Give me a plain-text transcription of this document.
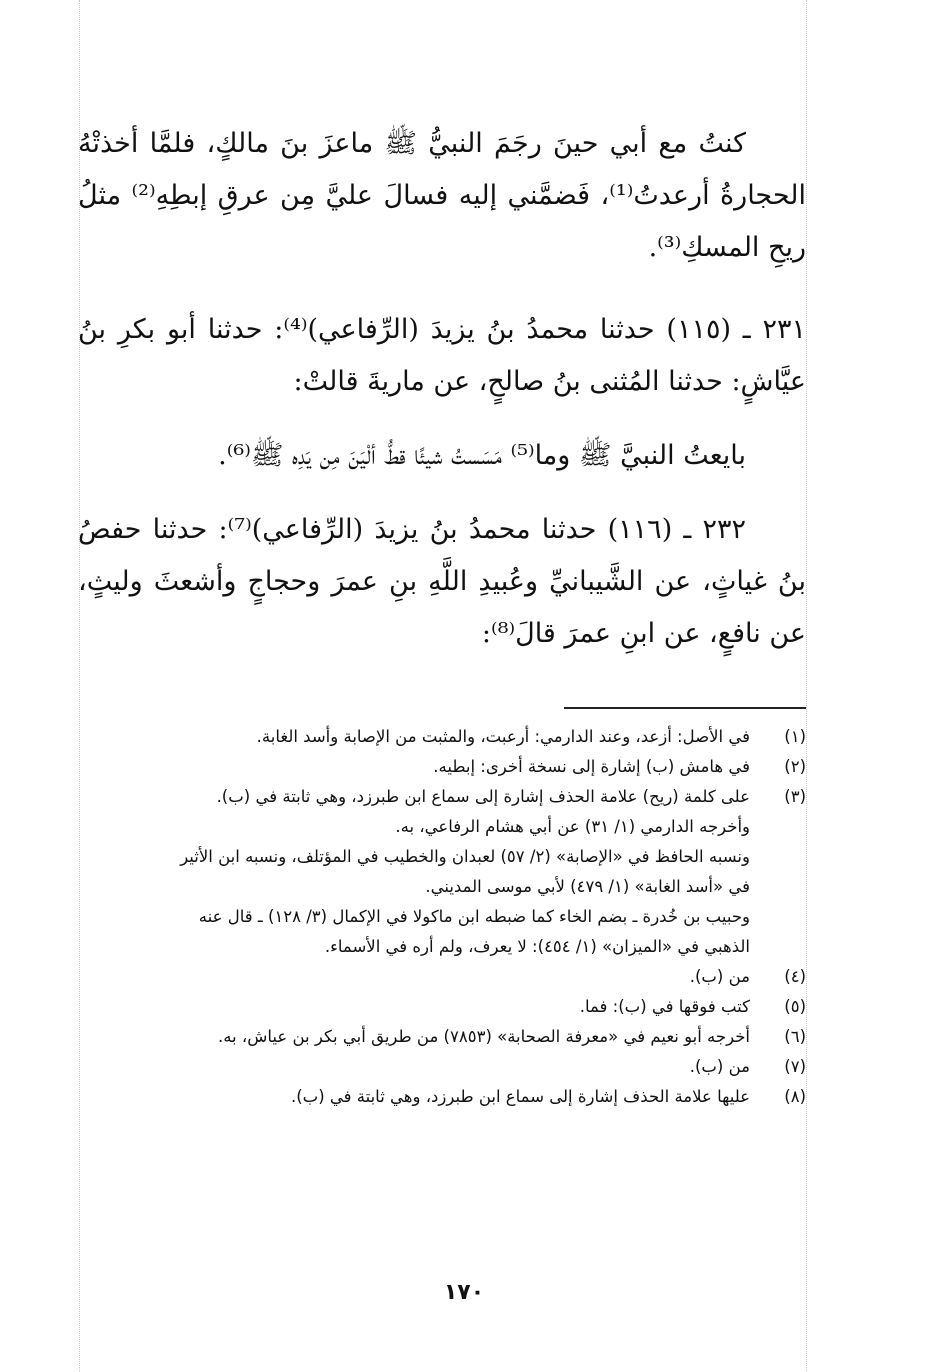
كنتُ مع أبي حينَ رجَمَ النبيُّ ﷺ ماعزَ بنَ مالكٍ، فلمَّا أخذتْهُ الحجارةُ أرعدتُ⁽¹⁾، فَضمَّني إليه فسالَ عليَّ مِن عرقِ إبطِهِ⁽²⁾ مثلُ ريحِ المسكِ⁽³⁾.

٢٣١ ـ (١١٥) حدثنا محمدُ بنُ يزيدَ (الرِّفاعي)⁽⁴⁾: حدثنا أبو بكرِ بنُ عيَّاشٍ: حدثنا المُثنى بنُ صالحٍ، عن ماريةَ قالتْ:

بايعتُ النبيَّ ﷺ وما⁽⁵⁾ مَسَستُ شيئًا قطُّ ألْيَنَ مِن يَدِه ﷺ⁽⁶⁾.

٢٣٢ ـ (١١٦) حدثنا محمدُ بنُ يزيدَ (الرِّفاعي)⁽⁷⁾: حدثنا حفصُ بنُ غياثٍ، عن الشَّيبانيِّ وعُبيدِ اللَّهِ بنِ عمرَ وحجاجٍ وأشعثَ وليثٍ، عن نافعٍ، عن ابنِ عمرَ قالَ⁽⁸⁾:

(١)
في الأصل: أزعد، وعند الدارمي: أرعبت، والمثبت من الإصابة وأسد الغابة.
(٢)
في هامش (ب) إشارة إلى نسخة أخرى: إبطيه.
(٣)
على كلمة (ريح) علامة الحذف إشارة إلى سماع ابن طبرزد، وهي ثابتة في (ب).
وأخرجه الدارمي (١/ ٣١) عن أبي هشام الرفاعي، به.
ونسبه الحافظ في «الإصابة» (٢/ ٥٧) لعبدان والخطيب في المؤتلف، ونسبه ابن الأثير
في «أسد الغابة» (١/ ٤٧٩) لأبي موسى المديني.
وحبيب بن خُدرة ـ بضم الخاء كما ضبطه ابن ماكولا في الإكمال (٣/ ١٢٨) ـ قال عنه
الذهبي في «الميزان» (١/ ٤٥٤): لا يعرف، ولم أره في الأسماء.
(٤)
من (ب).
(٥)
كتب فوقها في (ب): فما.
(٦)
أخرجه أبو نعيم في «معرفة الصحابة» (٧٨٥٣) من طريق أبي بكر بن عياش، به.
(٧)
من (ب).
(٨)
عليها علامة الحذف إشارة إلى سماع ابن طبرزد، وهي ثابتة في (ب).
١٧٠
